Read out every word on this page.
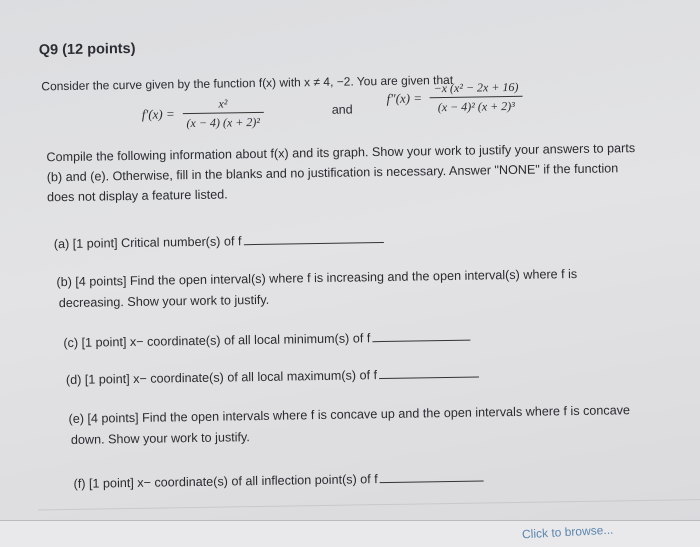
Q9 (12 points)
Consider the curve given by the function f(x) with x ≠ 4, −2. You are given that
$f'(x) = \frac{\text{x²}}{\text{(x − 4) (x + 2)²}}$	and
$f''(x) = \frac{\text{−x (x² − 2x + 16)}}{\text{(x − 4)² (x + 2)³}}$
Compile the following information about f(x) and its graph. Show your work to justify your answers to parts (b) and (e). Otherwise, fill in the blanks and no justification is necessary. Answer "NONE" if the function does not display a feature listed.
(a) [1 point] Critical number(s) of f
(b) [4 points] Find the open interval(s) where f is increasing and the open interval(s) where f is
decreasing. Show your work to justify.
(c) [1 point] x− coordinate(s) of all local minimum(s) of f
(d) [1 point] x− coordinate(s) of all local maximum(s) of f
(e) [4 points] Find the open intervals where f is concave up and the open intervals where f is concave
down. Show your work to justify.
(f) [1 point] x− coordinate(s) of all inflection point(s) of f
Click to browse...
